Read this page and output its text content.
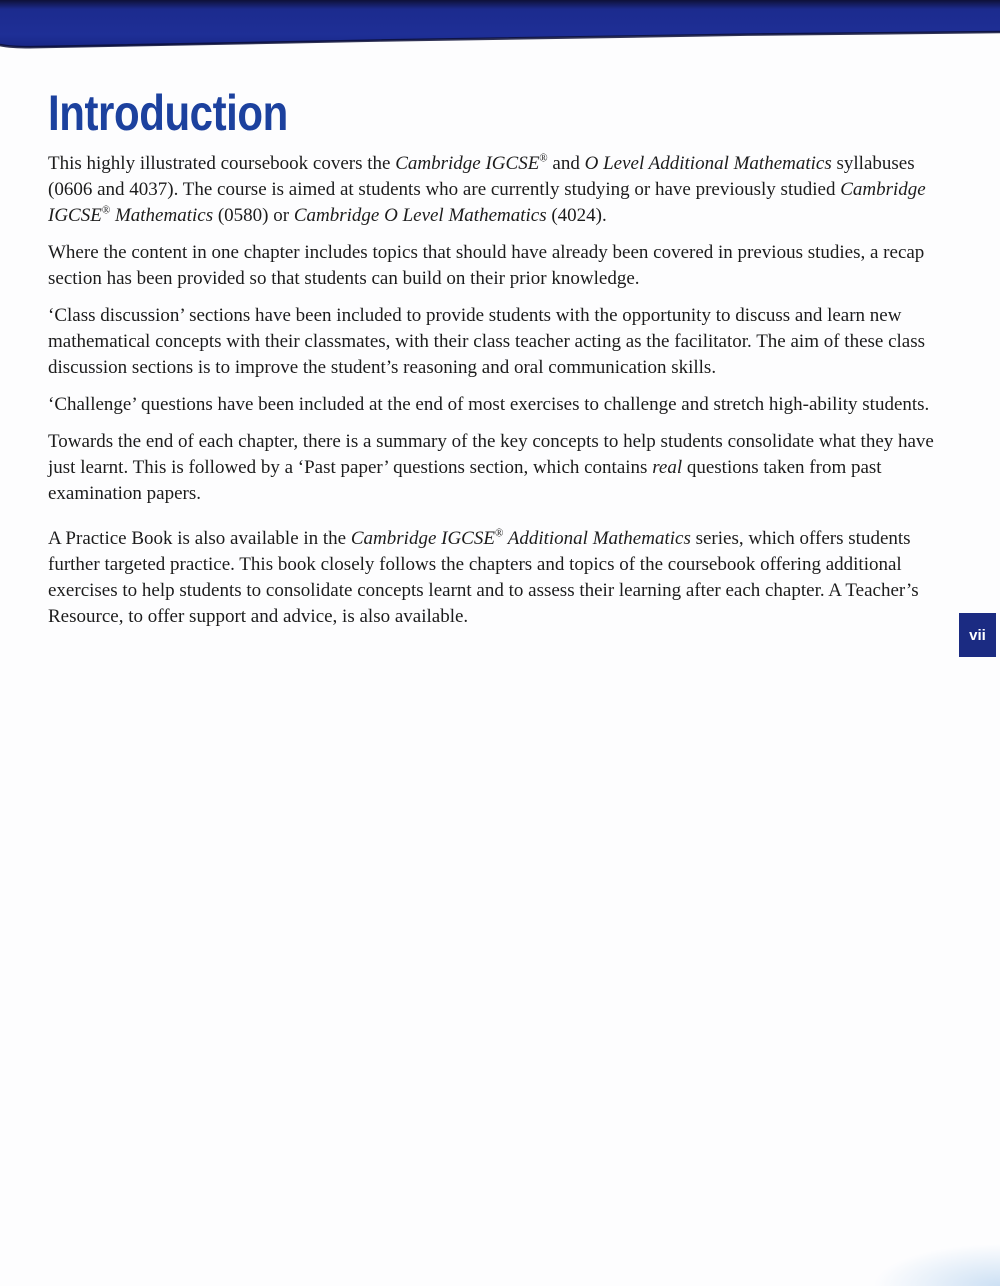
Introduction

This highly illustrated coursebook covers the Cambridge IGCSE® and O Level Additional Mathematics syllabuses (0606 and 4037). The course is aimed at students who are currently studying or have previously studied Cambridge IGCSE® Mathematics (0580) or Cambridge O Level Mathematics (4024).

Where the content in one chapter includes topics that should have already been covered in previous studies, a recap section has been provided so that students can build on their prior knowledge.

‘Class discussion’ sections have been included to provide students with the opportunity to discuss and learn new mathematical concepts with their classmates, with their class teacher acting as the facilitator. The aim of these class discussion sections is to improve the student’s reasoning and oral communication skills.

‘Challenge’ questions have been included at the end of most exercises to challenge and stretch high-ability students.

Towards the end of each chapter, there is a summary of the key concepts to help students consolidate what they have just learnt. This is followed by a ‘Past paper’ questions section, which contains real questions taken from past examination papers.

A Practice Book is also available in the Cambridge IGCSE® Additional Mathematics series, which offers students further targeted practice. This book closely follows the chapters and topics of the coursebook offering additional exercises to help students to consolidate concepts learnt and to assess their learning after each chapter. A Teacher’s Resource, to offer support and advice, is also available.

vii
